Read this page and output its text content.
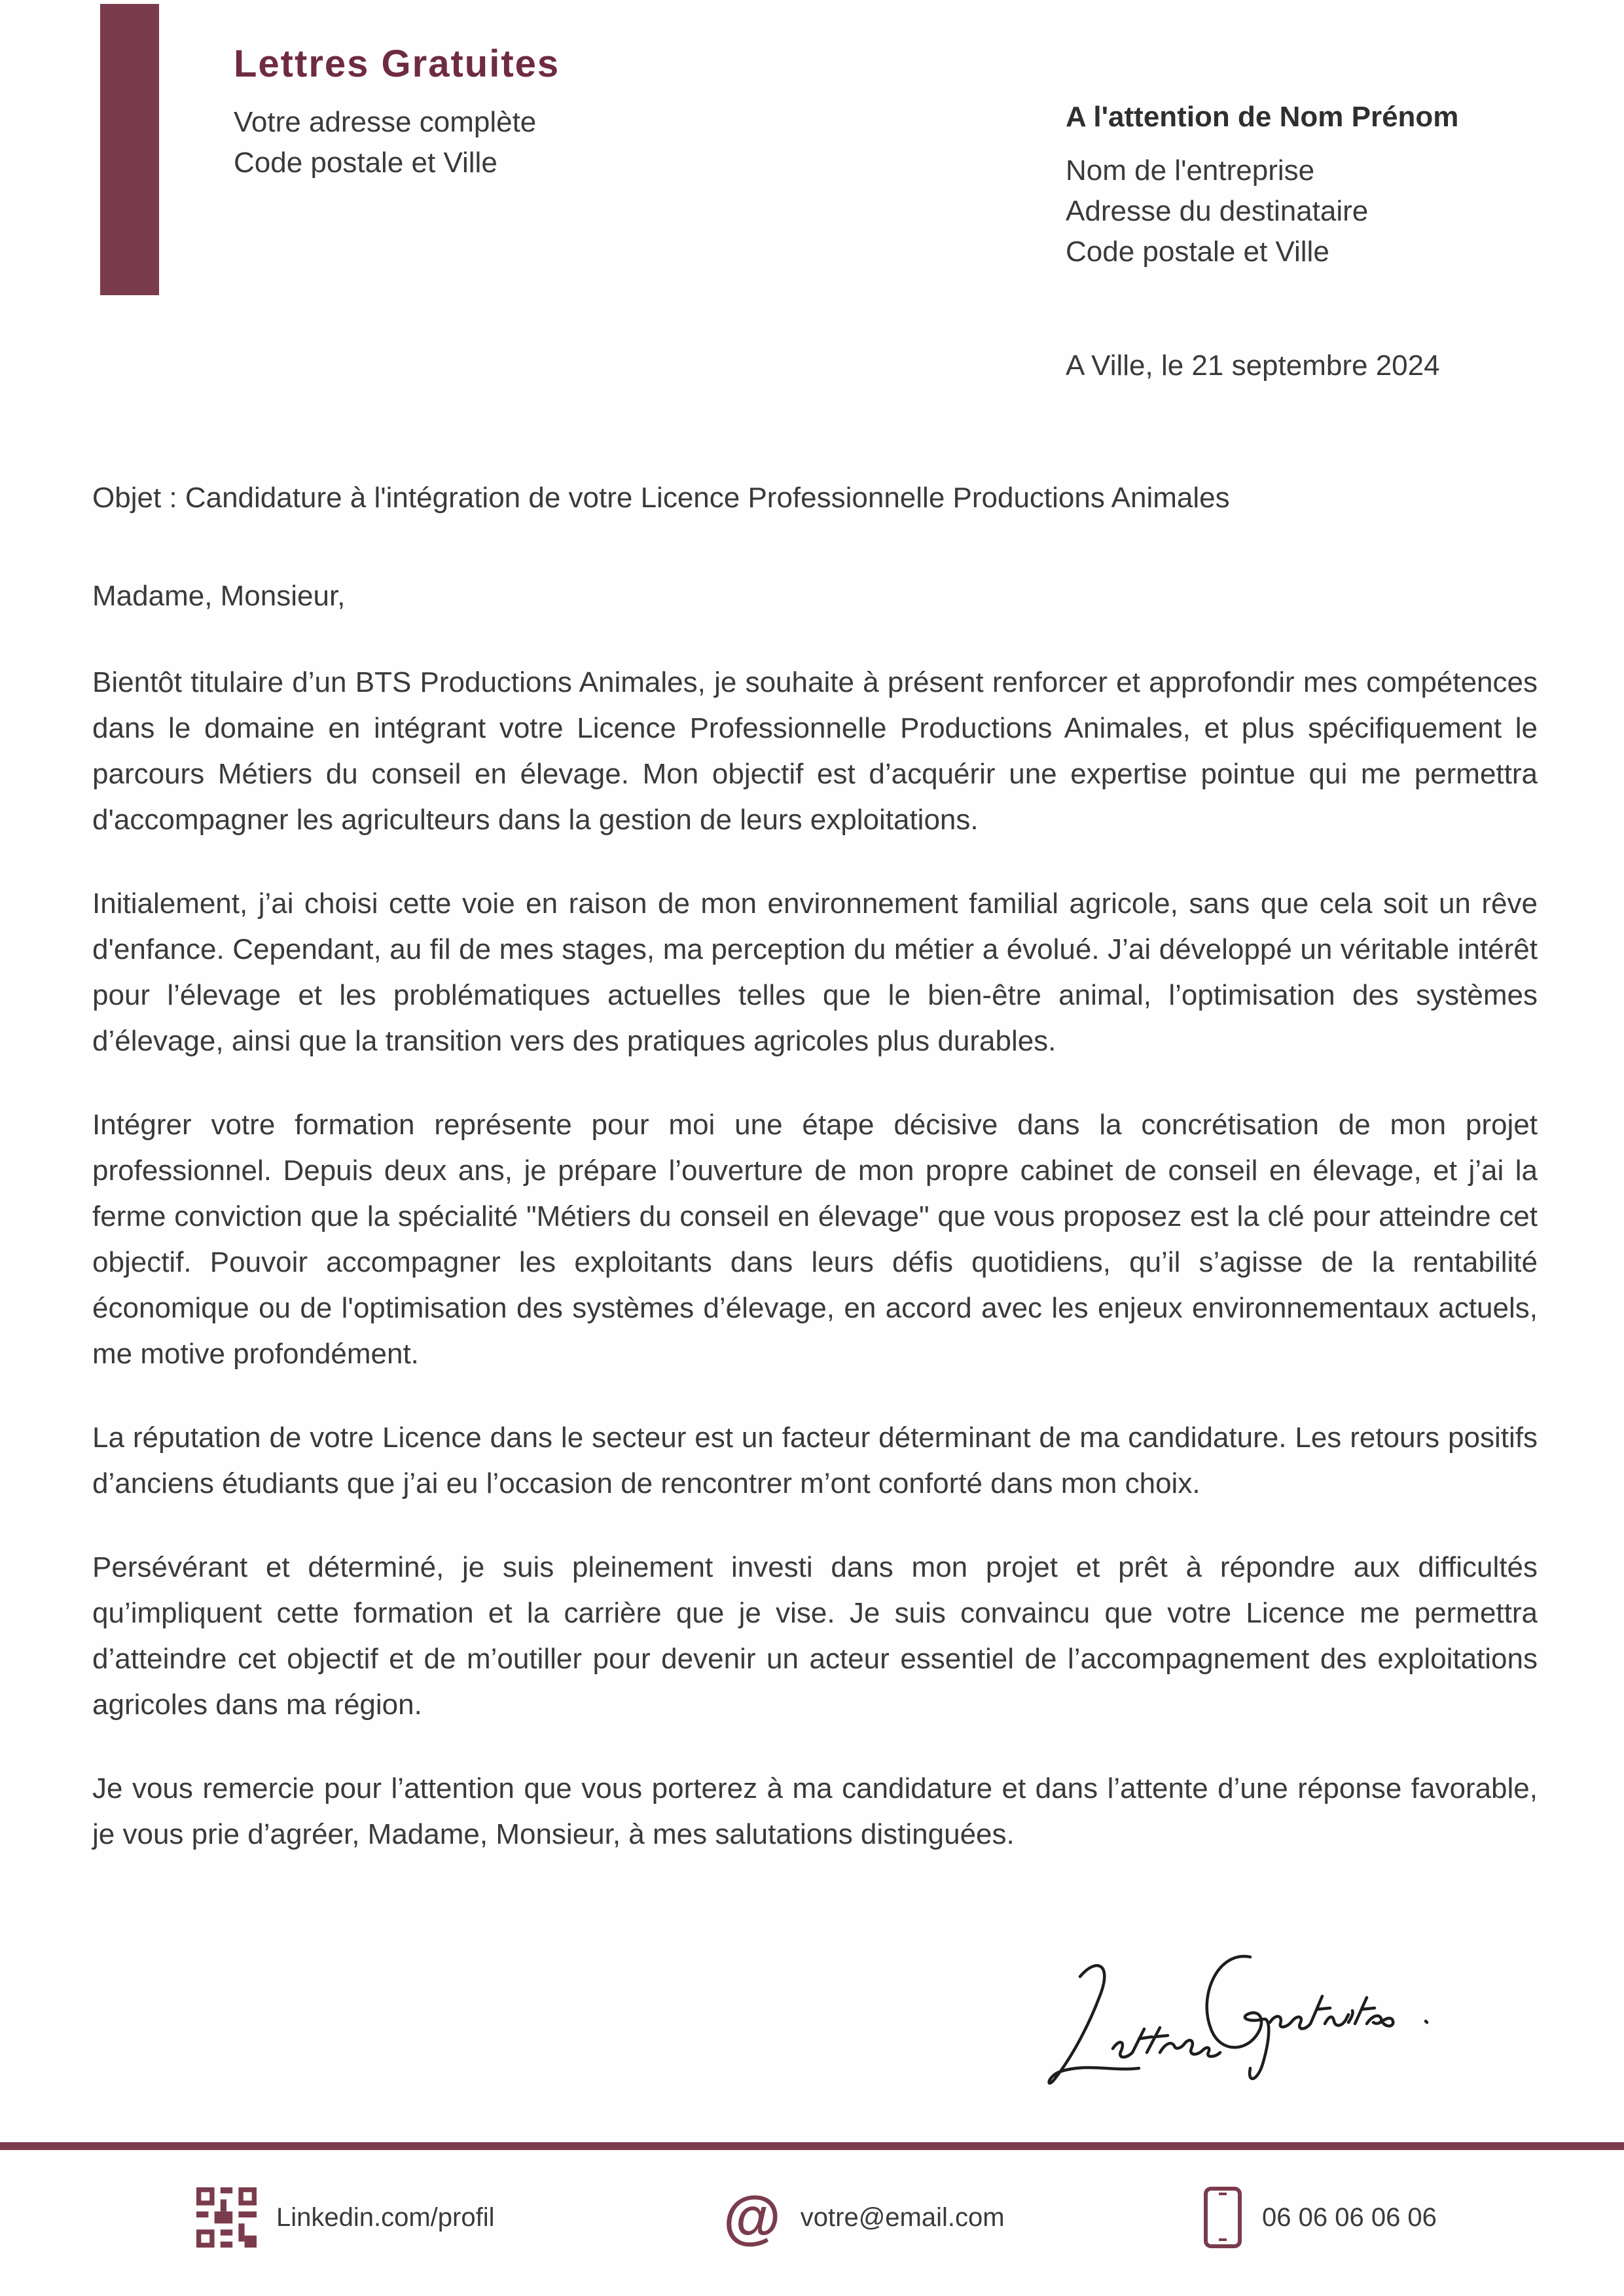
Lettres Gratuites
Votre adresse complète
Code postale et Ville
A l'attention de Nom Prénom
Nom de l'entreprise
Adresse du destinataire
Code postale et Ville
A Ville, le 21 septembre 2024
Objet : Candidature à l'intégration de votre Licence Professionnelle Productions Animales
Madame, Monsieur,

Bientôt titulaire d’un BTS Productions Animales, je souhaite à présent renforcer et approfondir mes compétences dans le domaine en intégrant votre Licence Professionnelle Productions Animales, et plus spécifiquement le parcours Métiers du conseil en élevage. Mon objectif est d’acquérir une expertise pointue qui me permettra d'accompagner les agriculteurs dans la gestion de leurs exploitations.

Initialement, j’ai choisi cette voie en raison de mon environnement familial agricole, sans que cela soit un rêve d'enfance. Cependant, au fil de mes stages, ma perception du métier a évolué. J’ai développé un véritable intérêt pour l’élevage et les problématiques actuelles telles que le bien-être animal, l’optimisation des systèmes d’élevage, ainsi que la transition vers des pratiques agricoles plus durables.

Intégrer votre formation représente pour moi une étape décisive dans la concrétisation de mon projet professionnel. Depuis deux ans, je prépare l’ouverture de mon propre cabinet de conseil en élevage, et j’ai la ferme conviction que la spécialité "Métiers du conseil en élevage" que vous proposez est la clé pour atteindre cet objectif. Pouvoir accompagner les exploitants dans leurs défis quotidiens, qu’il s’agisse de la rentabilité économique ou de l'optimisation des systèmes d’élevage, en accord avec les enjeux environnementaux actuels, me motive profondément.

La réputation de votre Licence dans le secteur est un facteur déterminant de ma candidature. Les retours positifs d’anciens étudiants que j’ai eu l’occasion de rencontrer m’ont conforté dans mon choix.

Persévérant et déterminé, je suis pleinement investi dans mon projet et prêt à répondre aux difficultés qu’impliquent cette formation et la carrière que je vise. Je suis convaincu que votre Licence me permettra d’atteindre cet objectif et de m’outiller pour devenir un acteur essentiel de l’accompagnement des exploitations agricoles dans ma région.

Je vous remercie pour l’attention que vous porterez à ma candidature et dans l’attente d’une réponse favorable, je vous prie d’agréer, Madame, Monsieur, à mes salutations distinguées.

Linkedin.com/profil	@ votre@email.com	06 06 06 06 06
